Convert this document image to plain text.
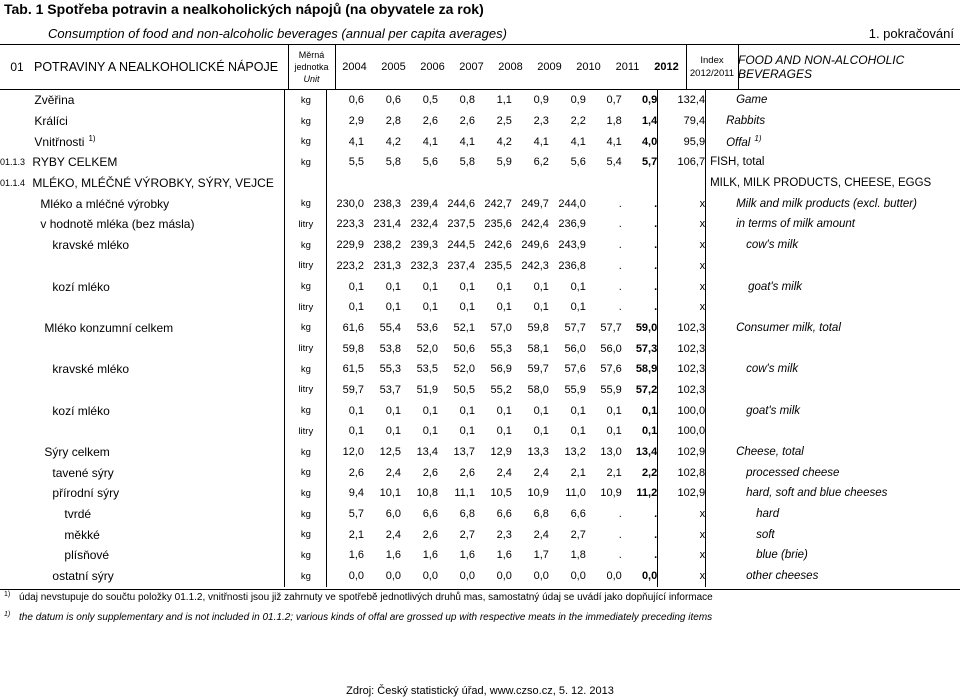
Tab. 1 Spotřeba potravin a nealkoholických nápojů (na obyvatele za rok)
Consumption of food and non-alcoholic beverages (annual per capita averages)	1. pokračování
01 POTRAVINY A NEALKOHOLICKÉ NÁPOJE
Měrná
jednotka
Unit
Index
2012/2011
FOOD AND NON-ALCOHOLIC BEVERAGES
2004	2005	2006	2007	2008	2009	2010	2011	2012
	Zvěřina	kg	0,6	0,6	0,5	0,8	1,1	0,9	0,9	0,7	0,9	132,4	Game
	Králíci	kg	2,9	2,8	2,6	2,6	2,5	2,3	2,2	1,8	1,4	79,4	Rabbits
	Vnitřnosti $^{1)}$	kg	4,1	4,2	4,1	4,1	4,2	4,1	4,1	4,1	4,0	95,9	Offal $^{1)}$
01.1.3	RYBY CELKEM	kg	5,5	5,8	5,6	5,8	5,9	6,2	5,6	5,4	5,7	106,7	FISH, total
01.1.4	MLÉKO, MLÉČNÉ VÝROBKY, SÝRY, VEJCE												MILK, MILK PRODUCTS, CHEESE, EGGS
	Mléko a mléčné výrobky	kg	230,0	238,3	239,4	244,6	242,7	249,7	244,0	.	.	x	Milk and milk products (excl. butter)
	v hodnotě mléka (bez másla)	litry	223,3	231,4	232,4	237,5	235,6	242,4	236,9	.	.	x	in terms of milk amount
	kravské mléko	kg	229,9	238,2	239,3	244,5	242,6	249,6	243,9	.	.	x	cow's milk
		litry	223,2	231,3	232,3	237,4	235,5	242,3	236,8	.	.	x	
	kozí mléko	kg	0,1	0,1	0,1	0,1	0,1	0,1	0,1	.	.	x	goat's milk
		litry	0,1	0,1	0,1	0,1	0,1	0,1	0,1	.	.	x	
	Mléko konzumní celkem	kg	61,6	55,4	53,6	52,1	57,0	59,8	57,7	57,7	59,0	102,3	Consumer milk, total
		litry	59,8	53,8	52,0	50,6	55,3	58,1	56,0	56,0	57,3	102,3	
	kravské mléko	kg	61,5	55,3	53,5	52,0	56,9	59,7	57,6	57,6	58,9	102,3	cow's milk
		litry	59,7	53,7	51,9	50,5	55,2	58,0	55,9	55,9	57,2	102,3	
	kozí mléko	kg	0,1	0,1	0,1	0,1	0,1	0,1	0,1	0,1	0,1	100,0	goat's milk
		litry	0,1	0,1	0,1	0,1	0,1	0,1	0,1	0,1	0,1	100,0	
	Sýry celkem	kg	12,0	12,5	13,4	13,7	12,9	13,3	13,2	13,0	13,4	102,9	Cheese, total
	tavené sýry	kg	2,6	2,4	2,6	2,6	2,4	2,4	2,1	2,1	2,2	102,8	processed cheese
	přírodní sýry	kg	9,4	10,1	10,8	11,1	10,5	10,9	11,0	10,9	11,2	102,9	hard, soft and blue cheeses
	tvrdé	kg	5,7	6,0	6,6	6,8	6,6	6,8	6,6	.	.	x	hard
	měkké	kg	2,1	2,4	2,6	2,7	2,3	2,4	2,7	.	.	x	soft
	plísňové	kg	1,6	1,6	1,6	1,6	1,6	1,7	1,8	.	.	x	blue (brie)
	ostatní sýry	kg	0,0	0,0	0,0	0,0	0,0	0,0	0,0	0,0	0,0	x	other cheeses
$^{1)}$ údaj nevstupuje do součtu položky 01.1.2, vnitřnosti jsou již zahrnuty ve spotřebě jednotlivých druhů mas, samostatný údaj se uvádí jako dopňující informace
$^{1)}$ the datum is only supplementary and is not included in 01.1.2; various kinds of offal are grossed up with respective meats in the immediately preceding items
Zdroj: Český statistický úřad, www.czso.cz, 5. 12. 2013
